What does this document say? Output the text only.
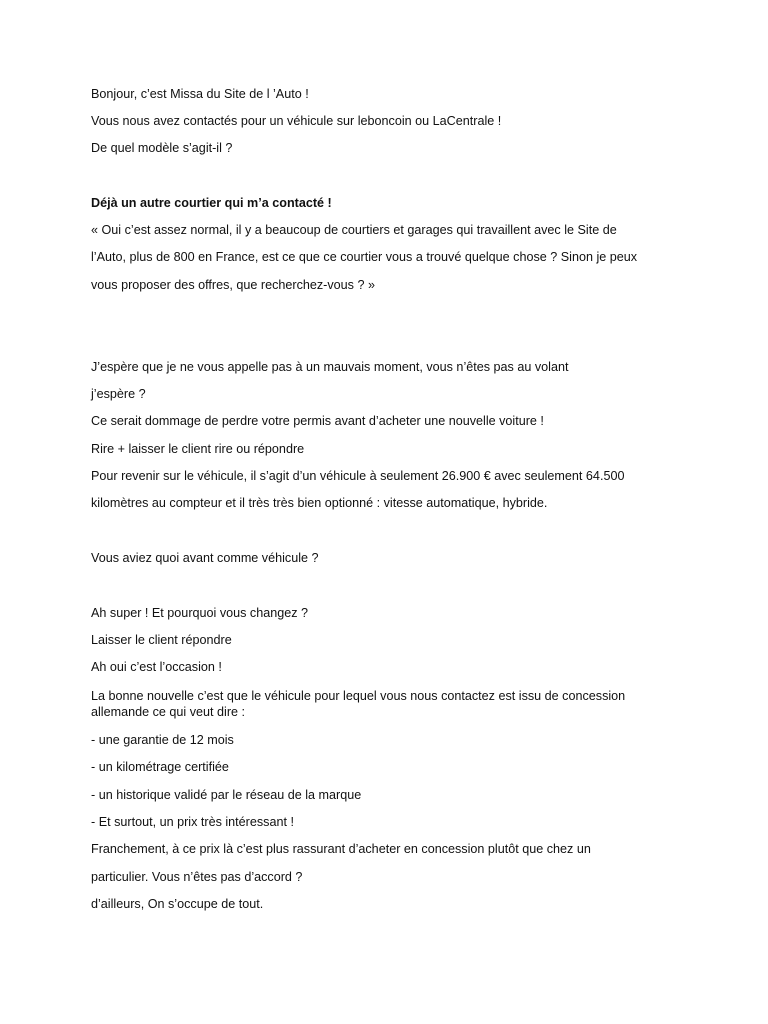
Bonjour, c’est Missa du Site de l ’Auto !
Vous nous avez contactés pour un véhicule sur leboncoin ou LaCentrale !
De quel modèle s’agit-il ?
Déjà un autre courtier qui m’a contacté !
« Oui c’est assez normal, il y a beaucoup de courtiers et garages qui travaillent avec le Site de
l’Auto, plus de 800 en France, est ce que ce courtier vous a trouvé quelque chose ? Sinon je peux
vous proposer des offres, que recherchez-vous ? »
J’espère que je ne vous appelle pas à un mauvais moment, vous n’êtes pas au volant
j’espère ?
Ce serait dommage de perdre votre permis avant d’acheter une nouvelle voiture !
Rire + laisser le client rire ou répondre
Pour revenir sur le véhicule, il s’agit d’un véhicule à seulement 26.900 € avec seulement 64.500
kilomètres au compteur et il très très bien optionné : vitesse automatique, hybride.
Vous aviez quoi avant comme véhicule ?
Ah super ! Et pourquoi vous changez ?
Laisser le client répondre
Ah oui c’est l’occasion !
La bonne nouvelle c’est que le véhicule pour lequel vous nous contactez est issu de concession allemande ce qui veut dire :
- une garantie de 12 mois
- un kilométrage certifiée
- un historique validé par le réseau de la marque
- Et surtout, un prix très intéressant !
Franchement, à ce prix là c’est plus rassurant d’acheter en concession plutôt que chez un
particulier. Vous n’êtes pas d’accord ?
d’ailleurs, On s’occupe de tout.
